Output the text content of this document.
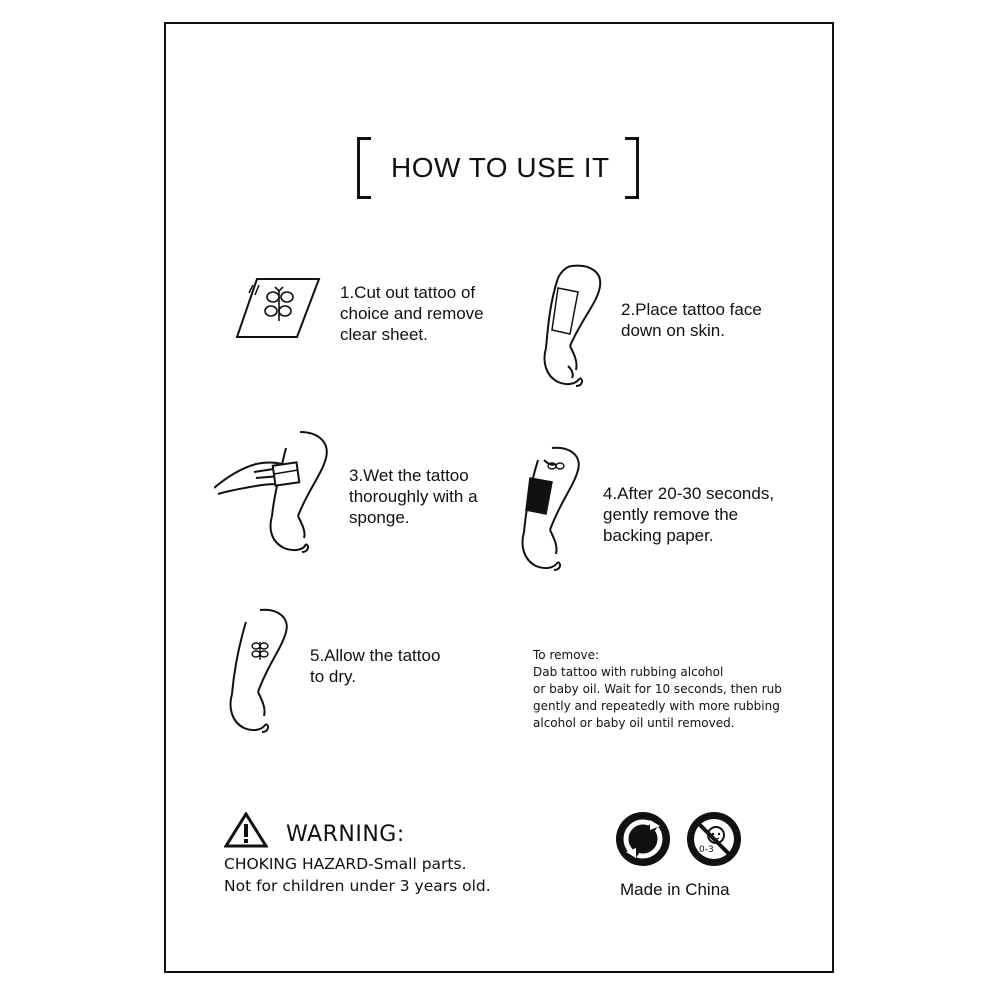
HOW TO USE IT
1.Cut out tattoo of
choice and remove
clear sheet.
2.Place tattoo face
down on skin.
3.Wet the tattoo
thoroughly with a
sponge.
4.After 20-30 seconds,
gently remove the
backing paper.
5.Allow the tattoo
to dry.
To remove:
Dab tattoo with rubbing alcohol
or baby oil. Wait for 10 seconds, then rub
gently and repeatedly with more rubbing
alcohol or baby oil until removed.
WARNING:
CHOKING HAZARD-Small parts.
Not for children under 3 years old.
0-3
Made in China
